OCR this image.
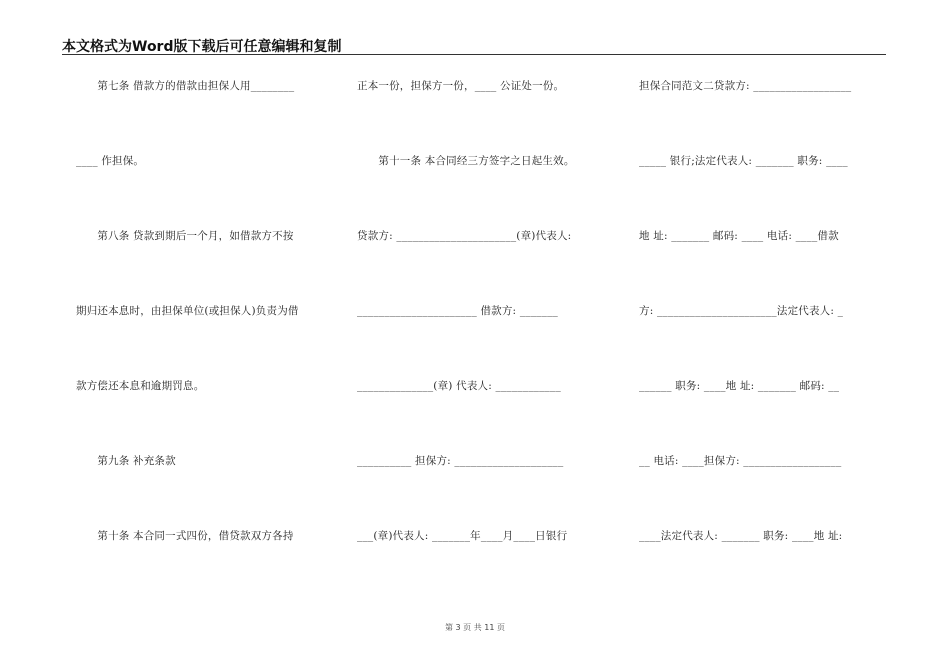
本文格式为Word版下载后可任意编辑和复制
　　第七条 借款方的借款由担保人用________
____ 作担保。
　　第八条 贷款到期后一个月，如借款方不按
期归还本息时，由担保单位(或担保人)负责为借
款方偿还本息和逾期罚息。
　　第九条 补充条款
　　第十条 本合同一式四份，借贷款双方各持
正本一份，担保方一份，____ 公证处一份。
　　第十一条 本合同经三方签字之日起生效。
贷款方: ______________________(章)代表人:
______________________ 借款方: _______
______________(章) 代表人: ____________
__________ 担保方: ____________________
___(章)代表人: _______年____月____日银行
担保合同范文二贷款方: __________________
_____ 银行;法定代表人: _______ 职务: ____
地 址: _______ 邮码: ____ 电话: ____借款
方: ______________________法定代表人: _
______ 职务: ____地 址: _______ 邮码: __
__ 电话: ____担保方: __________________
____法定代表人: _______ 职务: ____地 址:
第 3 页 共 11 页
